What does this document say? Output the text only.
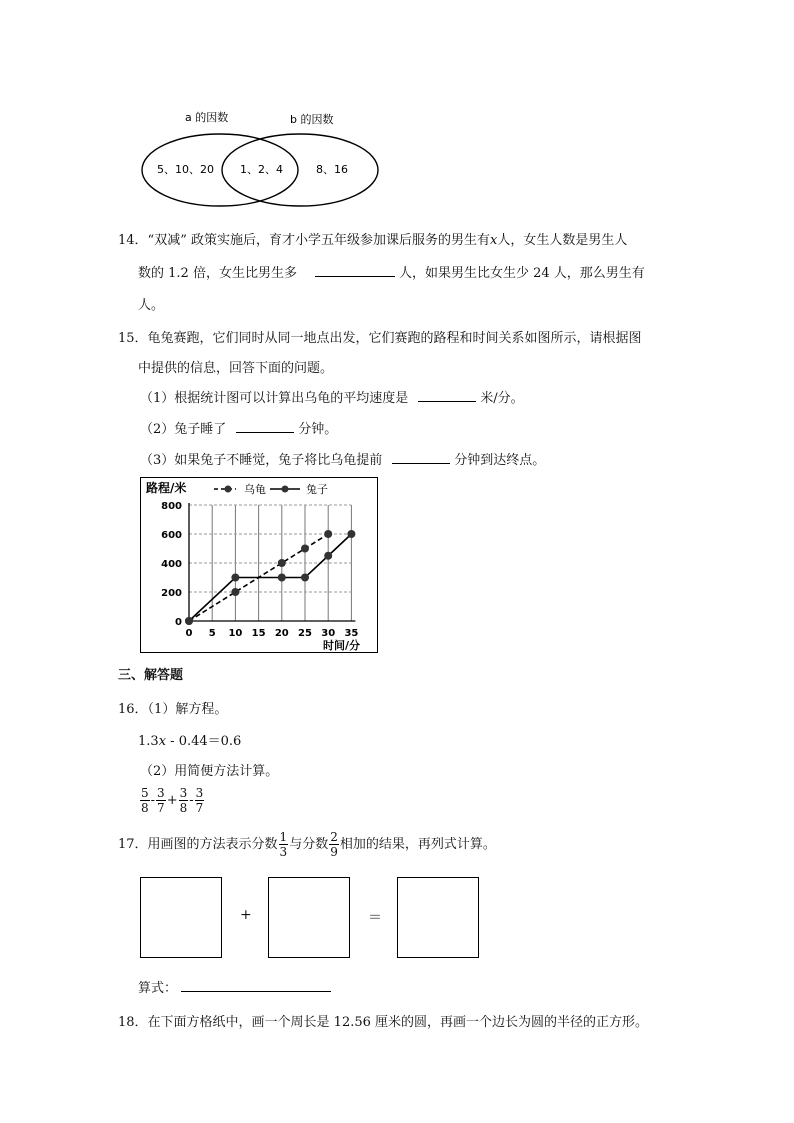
a 的因数	b 的因数
5、10、20 1、2、4	8、16
14．“双减” 政策实施后，育才小学五年级参加课后服务的男生有x人，女生人数是男生人
数的 1.2 倍，女生比男生多	人，如果男生比女生少 24 人，那么男生有
人。
15．龟兔赛跑，它们同时从同一地点出发，它们赛跑的路程和时间关系如图所示，请根据图
中提供的信息，回答下面的问题。
（1）根据统计图可以计算出乌龟的平均速度是	米/分。
（2）兔子睡了	分钟。
（3）如果兔子不睡觉，兔子将比乌龟提前	分钟到达终点。
路程/米
时间/分
乌龟	兔子
0 5 10 15 20 25 30 35
0
200
400
600
800
三、解答题
16．（1）解方程。
1.3x - 0.44＝0.6
（2）用简便方法计算。
$\frac{5}{8} - \frac{3}{7} + \frac{3}{8} - \frac{3}{7}$
17．用画图的方法表示分数 $\frac{1}{3}$ 与分数 $\frac{2}{9}$ 相加的结果，再列式计算。
+	＝
算式：
18．在下面方格纸中，画一个周长是 12.56 厘米的圆，再画一个边长为圆的半径的正方形。
